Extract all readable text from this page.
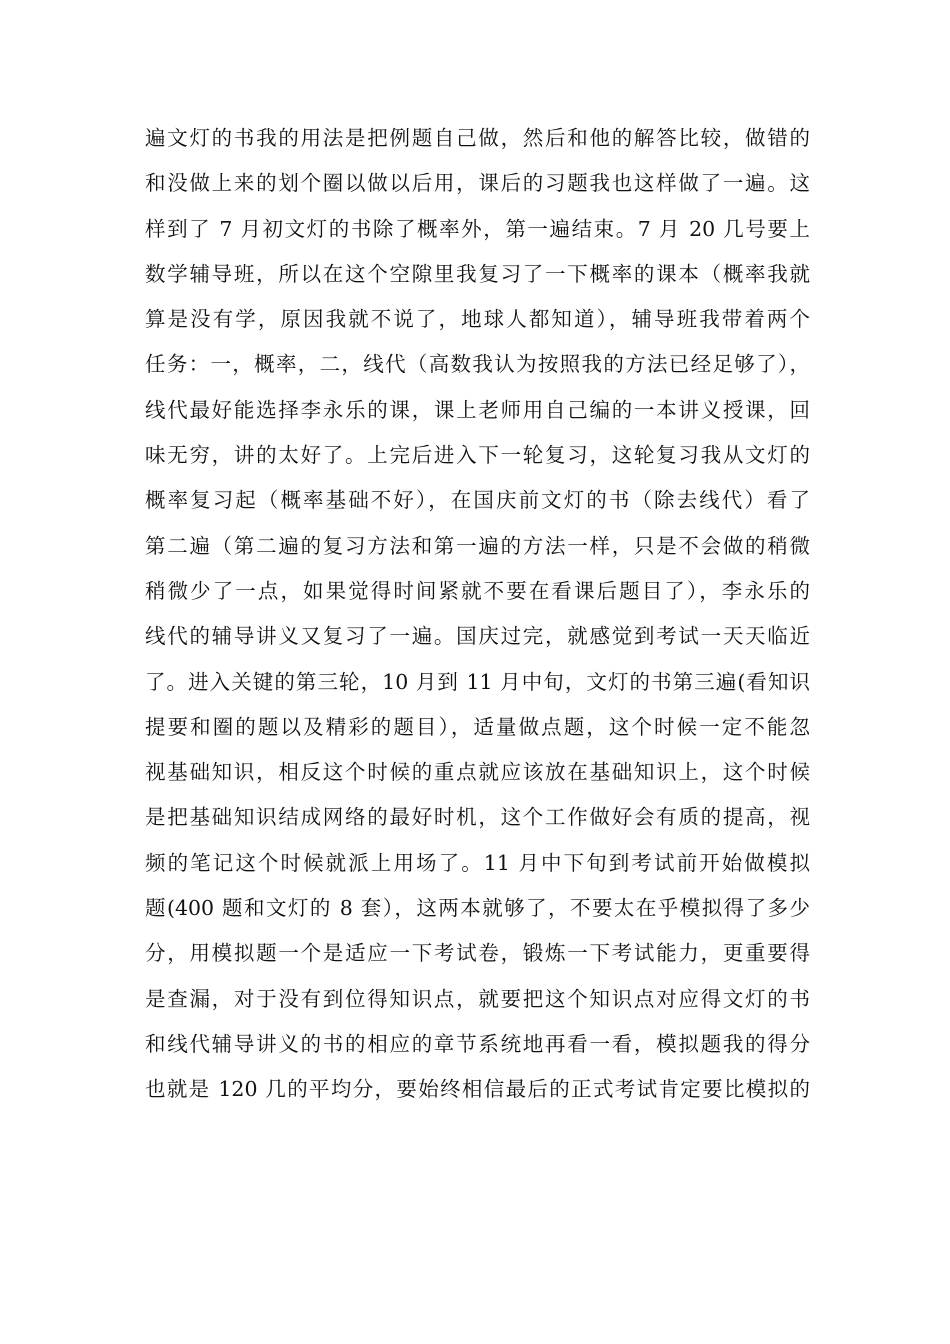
遍文灯的书我的用法是把例题自己做，然后和他的解答比较，做错的
和没做上来的划个圈以做以后用，课后的习题我也这样做了一遍。这
样到了 7 月初文灯的书除了概率外，第一遍结束。7 月 20 几号要上
数学辅导班，所以在这个空隙里我复习了一下概率的课本（概率我就
算是没有学，原因我就不说了，地球人都知道），辅导班我带着两个
任务：一，概率，二，线代（高数我认为按照我的方法已经足够了），
线代最好能选择李永乐的课，课上老师用自己编的一本讲义授课，回
味无穷，讲的太好了。上完后进入下一轮复习，这轮复习我从文灯的
概率复习起（概率基础不好），在国庆前文灯的书（除去线代）看了
第二遍（第二遍的复习方法和第一遍的方法一样，只是不会做的稍微
稍微少了一点，如果觉得时间紧就不要在看课后题目了），李永乐的
线代的辅导讲义又复习了一遍。国庆过完，就感觉到考试一天天临近
了。进入关键的第三轮，10 月到 11 月中旬，文灯的书第三遍(看知识
提要和圈的题以及精彩的题目），适量做点题，这个时候一定不能忽
视基础知识，相反这个时候的重点就应该放在基础知识上，这个时候
是把基础知识结成网络的最好时机，这个工作做好会有质的提高，视
频的笔记这个时候就派上用场了。11 月中下旬到考试前开始做模拟
题(400 题和文灯的 8 套），这两本就够了，不要太在乎模拟得了多少
分，用模拟题一个是适应一下考试卷，锻炼一下考试能力，更重要得
是查漏，对于没有到位得知识点，就要把这个知识点对应得文灯的书
和线代辅导讲义的书的相应的章节系统地再看一看，模拟题我的得分
也就是 120 几的平均分，要始终相信最后的正式考试肯定要比模拟的
